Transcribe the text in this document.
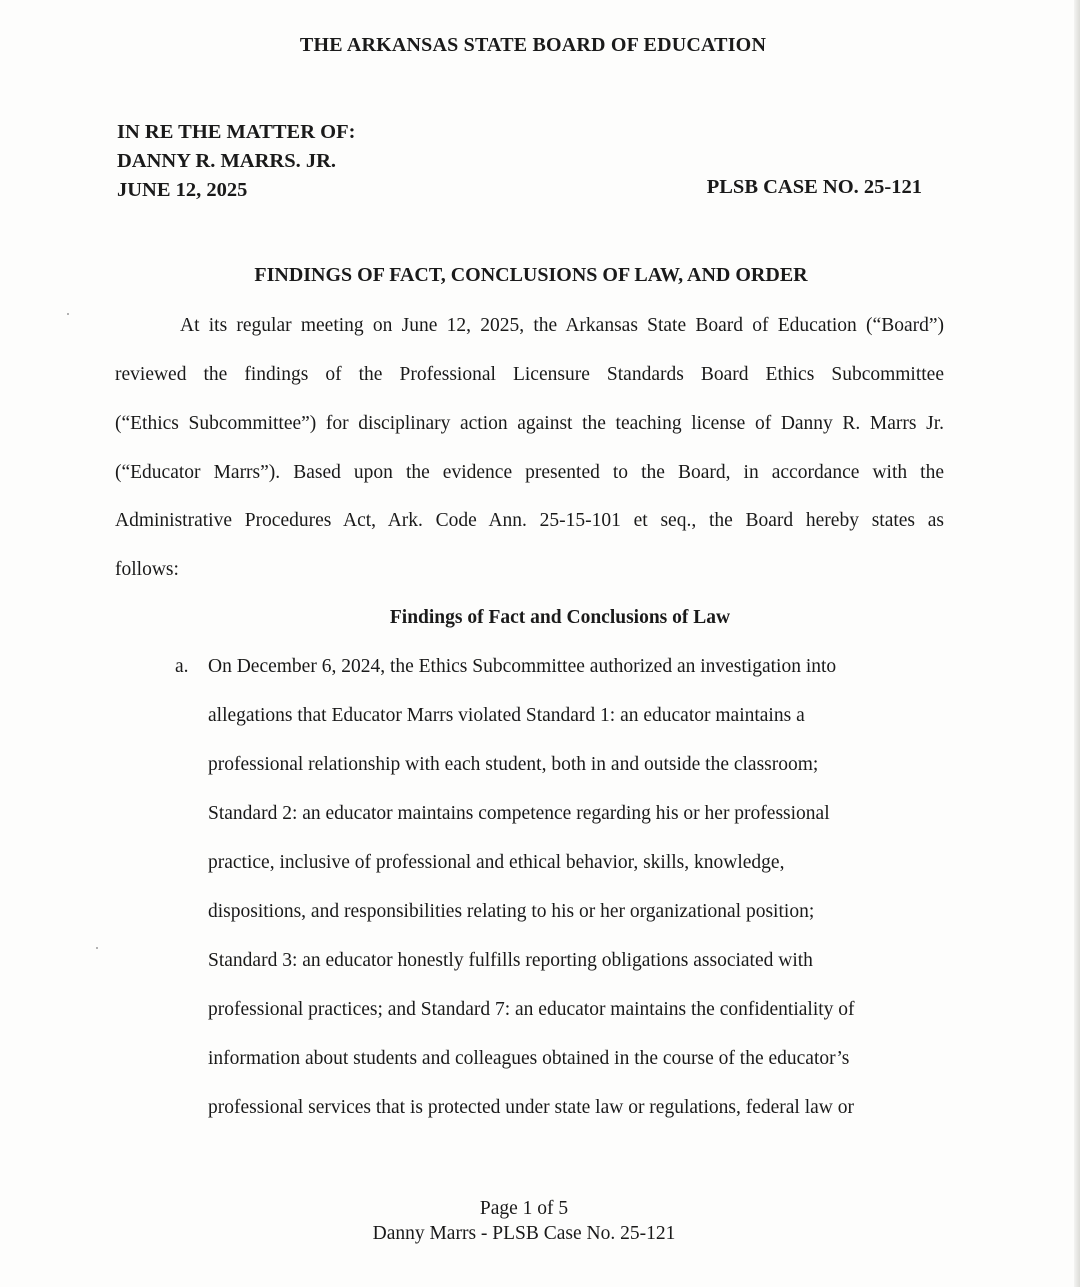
THE ARKANSAS STATE BOARD OF EDUCATION
IN RE THE MATTER OF:
DANNY R. MARRS. JR.
JUNE 12, 2025	PLSB CASE NO. 25-121
FINDINGS OF FACT, CONCLUSIONS OF LAW, AND ORDER
At its regular meeting on June 12, 2025, the Arkansas State Board of Education (“Board”)
reviewed the findings of the Professional Licensure Standards Board Ethics Subcommittee
(“Ethics Subcommittee”) for disciplinary action against the teaching license of Danny R. Marrs Jr.
(“Educator Marrs”). Based upon the evidence presented to the Board, in accordance with the
Administrative Procedures Act, Ark. Code Ann. 25-15-101 et seq., the Board hereby states as
follows:
Findings of Fact and Conclusions of Law
a. On December 6, 2024, the Ethics Subcommittee authorized an investigation into
allegations that Educator Marrs violated Standard 1: an educator maintains a
professional relationship with each student, both in and outside the classroom;
Standard 2: an educator maintains competence regarding his or her professional
practice, inclusive of professional and ethical behavior, skills, knowledge,
dispositions, and responsibilities relating to his or her organizational position;
Standard 3: an educator honestly fulfills reporting obligations associated with
professional practices; and Standard 7: an educator maintains the confidentiality of
information about students and colleagues obtained in the course of the educator’s
professional services that is protected under state law or regulations, federal law or
Page 1 of 5
Danny Marrs - PLSB Case No. 25-121
